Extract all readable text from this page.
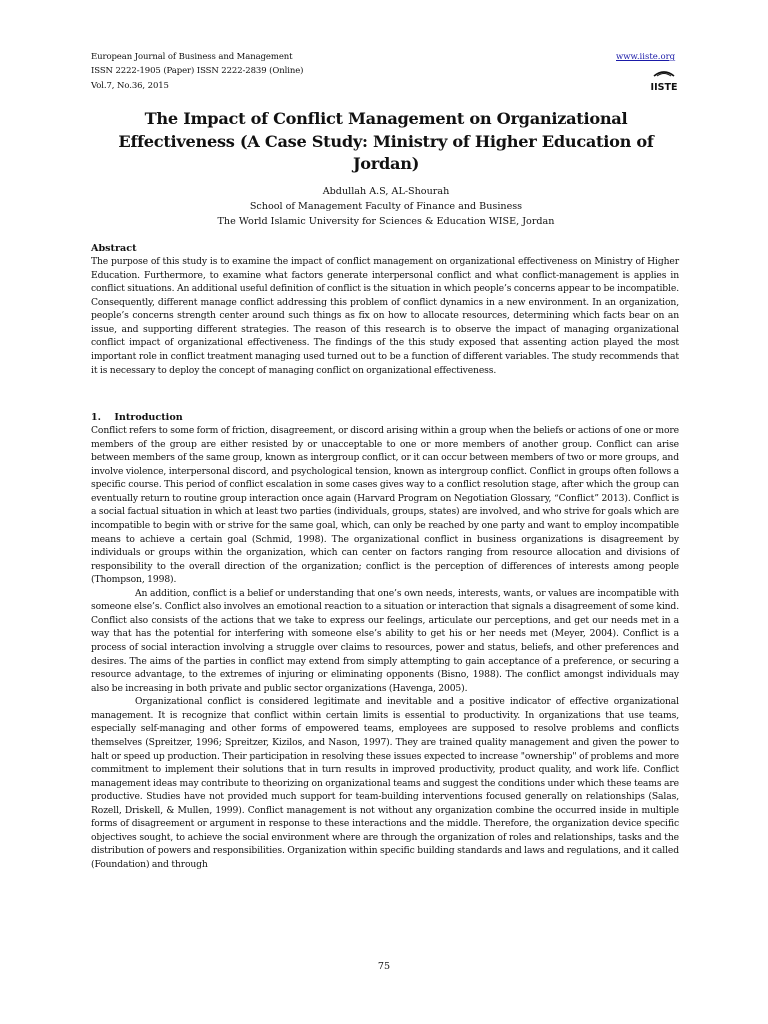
European Journal of Business and Management
ISSN 2222-1905 (Paper) ISSN 2222-2839 (Online)
Vol.7, No.36, 2015
www.iiste.org
IISTE
The Impact of Conflict Management on Organizational Effectiveness (A Case Study: Ministry of Higher Education of Jordan)
Abdullah A.S, AL-Shourah
School of Management Faculty of Finance and Business
The World Islamic University for Sciences & Education WISE, Jordan
Abstract

The purpose of this study is to examine the impact of conflict management on organizational effectiveness on Ministry of Higher Education. Furthermore, to examine what factors generate interpersonal conflict and what conflict-management is applies in conflict situations. An additional useful definition of conflict is the situation in which people’s concerns appear to be incompatible. Consequently, different manage conflict addressing this problem of conflict dynamics in a new environment. In an organization, people’s concerns strength center around such things as fix on how to allocate resources, determining which facts bear on an issue, and supporting different strategies. The reason of this research is to observe the impact of managing organizational conflict impact of organizational effectiveness. The findings of the this study exposed that assenting action played the most important role in conflict treatment managing used turned out to be a function of different variables. The study recommends that it is necessary to deploy the concept of managing conflict on organizational effectiveness.

1.    Introduction

Conflict refers to some form of friction, disagreement, or discord arising within a group when the beliefs or actions of one or more members of the group are either resisted by or unacceptable to one or more members of another group. Conflict can arise between members of the same group, known as intergroup conflict, or it can occur between members of two or more groups, and involve violence, interpersonal discord, and psychological tension, known as intergroup conflict. Conflict in groups often follows a specific course. This period of conflict escalation in some cases gives way to a conflict resolution stage, after which the group can eventually return to routine group interaction once again (Harvard Program on Negotiation Glossary, “Conflict” 2013). Conflict is a social factual situation in which at least two parties (individuals, groups, states) are involved, and who strive for goals which are incompatible to begin with or strive for the same goal, which, can only be reached by one party and want to employ incompatible means to achieve a certain goal (Schmid, 1998). The organizational conflict in business organizations is disagreement by individuals or groups within the organization, which can center on factors ranging from resource allocation and divisions of responsibility to the overall direction of the organization; conflict is the perception of differences of interests among people (Thompson, 1998).

An addition, conflict is a belief or understanding that one’s own needs, interests, wants, or values are incompatible with someone else’s. Conflict also involves an emotional reaction to a situation or interaction that signals a disagreement of some kind. Conflict also consists of the actions that we take to express our feelings, articulate our perceptions, and get our needs met in a way that has the potential for interfering with someone else’s ability to get his or her needs met (Meyer, 2004). Conflict is a process of social interaction involving a struggle over claims to resources, power and status, beliefs, and other preferences and desires. The aims of the parties in conflict may extend from simply attempting to gain acceptance of a preference, or securing a resource advantage, to the extremes of injuring or eliminating opponents (Bisno, 1988). The conflict amongst individuals may also be increasing in both private and public sector organizations (Havenga, 2005).

Organizational conflict is considered legitimate and inevitable and a positive indicator of effective organizational management. It is recognize that conflict within certain limits is essential to productivity. In organizations that use teams, especially self-managing and other forms of empowered teams, employees are supposed to resolve problems and conflicts themselves (Spreitzer, 1996; Spreitzer, Kizilos, and Nason, 1997). They are trained quality management and given the power to halt or speed up production. Their participation in resolving these issues expected to increase "ownership" of problems and more commitment to implement their solutions that in turn results in improved productivity, product quality, and work life. Conflict management ideas may contribute to theorizing on organizational teams and suggest the conditions under which these teams are productive. Studies have not provided much support for team-building interventions focused generally on relationships (Salas, Rozell, Driskell, & Mullen, 1999). Conflict management is not without any organization combine the occurred inside in multiple forms of disagreement or argument in response to these interactions and the middle. Therefore, the organization device specific objectives sought, to achieve the social environment where are through the organization of roles and relationships, tasks and the distribution of powers and responsibilities. Organization within specific building standards and laws and regulations, and it called (Foundation) and through

75
